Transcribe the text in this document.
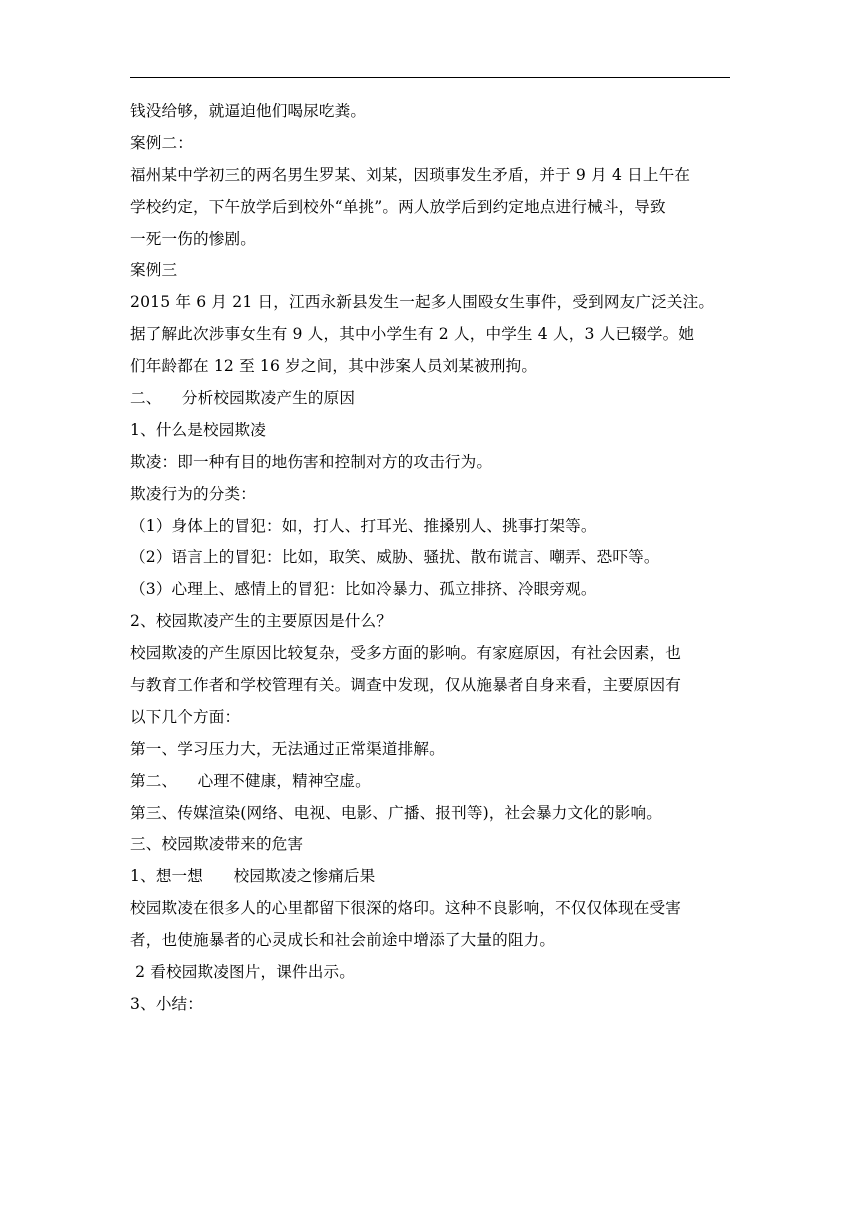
钱没给够，就逼迫他们喝尿吃粪。
案例二：
福州某中学初三的两名男生罗某、刘某，因琐事发生矛盾，并于 9 月 4 日上午在
学校约定，下午放学后到校外“单挑”。两人放学后到约定地点进行械斗，导致
一死一伤的惨剧。
案例三
2015 年 6 月 21 日，江西永新县发生一起多人围殴女生事件，受到网友广泛关注。
据了解此次涉事女生有 9 人，其中小学生有 2 人，中学生 4 人，3 人已辍学。她
们年龄都在 12 至 16 岁之间，其中涉案人员刘某被刑拘。
二、    分析校园欺凌产生的原因
1、什么是校园欺凌
欺凌：即一种有目的地伤害和控制对方的攻击行为。
欺凌行为的分类：
（1）身体上的冒犯：如，打人、打耳光、推搡别人、挑事打架等。
（2）语言上的冒犯：比如，取笑、威胁、骚扰、散布谎言、嘲弄、恐吓等。
（3）心理上、感情上的冒犯：比如冷暴力、孤立排挤、冷眼旁观。
2、校园欺凌产生的主要原因是什么？
校园欺凌的产生原因比较复杂，受多方面的影响。有家庭原因，有社会因素，也
与教育工作者和学校管理有关。调查中发现，仅从施暴者自身来看，主要原因有
以下几个方面：
第一、学习压力大，无法通过正常渠道排解。
第二、    心理不健康，精神空虚。
第三、传媒渲染(网络、电视、电影、广播、报刊等)，社会暴力文化的影响。
三、校园欺凌带来的危害
1、想一想      校园欺凌之惨痛后果
校园欺凌在很多人的心里都留下很深的烙印。这种不良影响，不仅仅体现在受害
者，也使施暴者的心灵成长和社会前途中增添了大量的阻力。
2 看校园欺凌图片，课件出示。
3、小结：
